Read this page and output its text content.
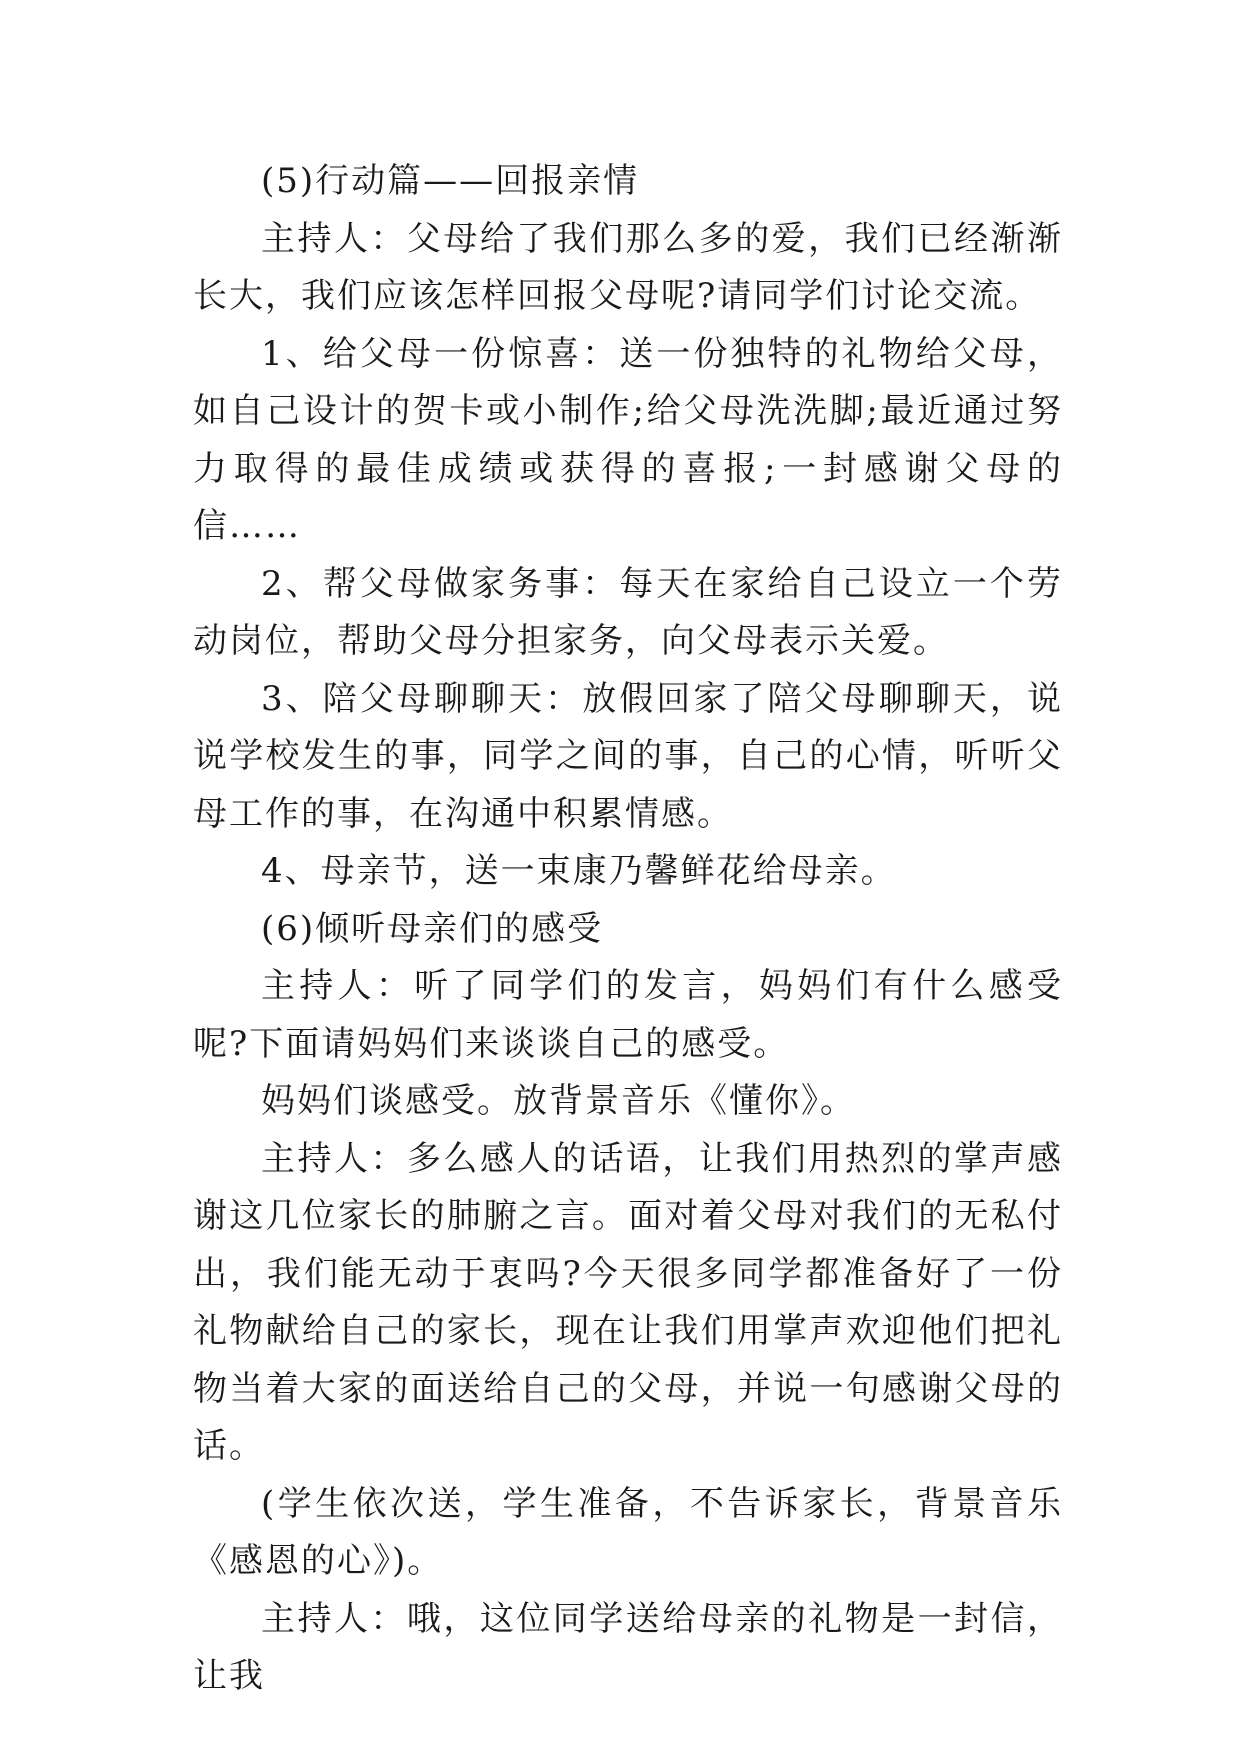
(5)行动篇——回报亲情

主持人：父母给了我们那么多的爱，我们已经渐渐长大，我们应该怎样回报父母呢?请同学们讨论交流。

1、给父母一份惊喜：送一份独特的礼物给父母，如自己设计的贺卡或小制作;给父母洗洗脚;最近通过努力取得的最佳成绩或获得的喜报;一封感谢父母的信……

2、帮父母做家务事：每天在家给自己设立一个劳动岗位，帮助父母分担家务，向父母表示关爱。

3、陪父母聊聊天：放假回家了陪父母聊聊天，说说学校发生的事，同学之间的事，自己的心情，听听父母工作的事，在沟通中积累情感。

4、母亲节，送一束康乃馨鲜花给母亲。

(6)倾听母亲们的感受

主持人：听了同学们的发言，妈妈们有什么感受呢?下面请妈妈们来谈谈自己的感受。

妈妈们谈感受。放背景音乐《懂你》。

主持人：多么感人的话语，让我们用热烈的掌声感谢这几位家长的肺腑之言。面对着父母对我们的无私付出，我们能无动于衷吗?今天很多同学都准备好了一份礼物献给自己的家长，现在让我们用掌声欢迎他们把礼物当着大家的面送给自己的父母，并说一句感谢父母的话。

(学生依次送，学生准备，不告诉家长，背景音乐《感恩的心》)。

主持人：哦，这位同学送给母亲的礼物是一封信，让我
